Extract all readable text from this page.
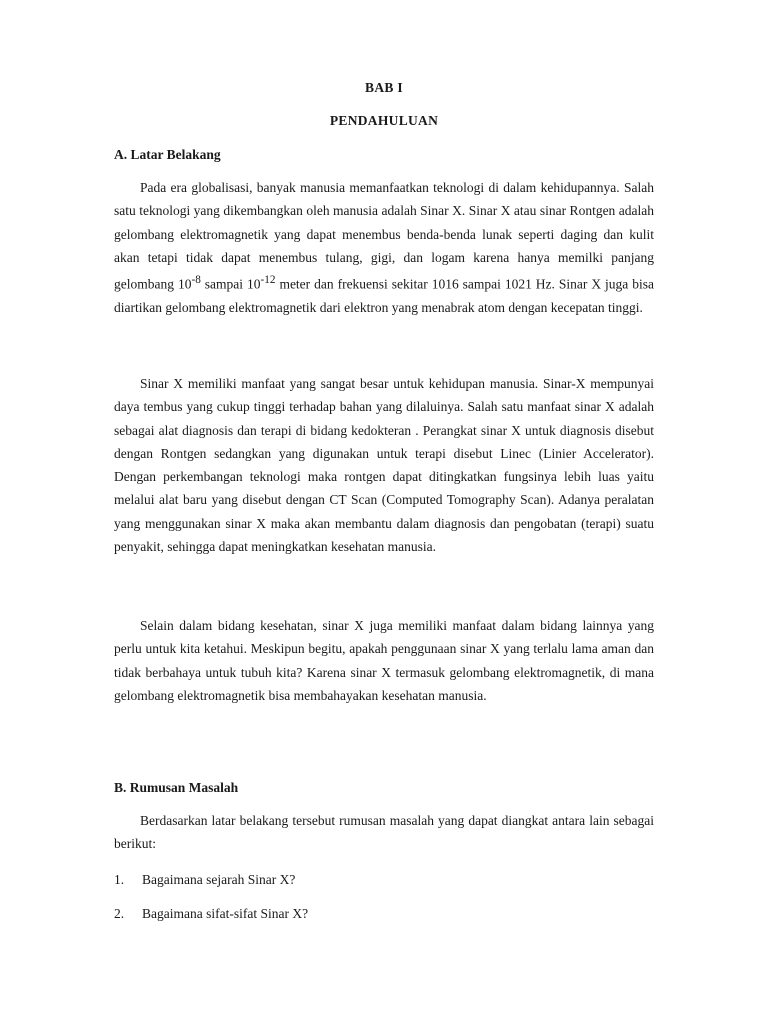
BAB I
PENDAHULUAN
A. Latar Belakang

Pada era globalisasi, banyak manusia memanfaatkan teknologi di dalam kehidupannya. Salah satu teknologi yang dikembangkan oleh manusia adalah Sinar X. Sinar X atau sinar Rontgen adalah gelombang elektromagnetik yang dapat menembus benda-benda lunak seperti daging dan kulit akan tetapi tidak dapat menembus tulang, gigi, dan logam karena hanya memilki panjang gelombang $10^{-8}$ sampai $10^{-12}$ meter dan frekuensi sekitar 1016 sampai 1021 Hz. Sinar X juga bisa diartikan gelombang elektromagnetik dari elektron yang menabrak atom dengan kecepatan tinggi.

Sinar X memiliki manfaat yang sangat besar untuk kehidupan manusia. Sinar-X mempunyai daya tembus yang cukup tinggi terhadap bahan yang dilaluinya. Salah satu manfaat sinar X adalah sebagai alat diagnosis dan terapi di bidang kedokteran . Perangkat sinar X untuk diagnosis disebut dengan Rontgen sedangkan yang digunakan untuk terapi disebut Linec (Linier Accelerator). Dengan perkembangan teknologi maka rontgen dapat ditingkatkan fungsinya lebih luas yaitu melalui alat baru yang disebut dengan CT Scan (Computed Tomography Scan). Adanya peralatan yang menggunakan sinar X maka akan membantu dalam diagnosis dan pengobatan (terapi) suatu penyakit, sehingga dapat meningkatkan kesehatan manusia.

Selain dalam bidang kesehatan, sinar X juga memiliki manfaat dalam bidang lainnya yang perlu untuk kita ketahui. Meskipun begitu, apakah penggunaan sinar X yang terlalu lama aman dan tidak berbahaya untuk tubuh kita? Karena sinar X termasuk gelombang elektromagnetik, di mana gelombang elektromagnetik bisa membahayakan kesehatan manusia.

B. Rumusan Masalah

Berdasarkan latar belakang tersebut rumusan masalah yang dapat diangkat antara lain sebagai berikut:

1. Bagaimana sejarah Sinar X?
2. Bagaimana sifat-sifat Sinar X?
